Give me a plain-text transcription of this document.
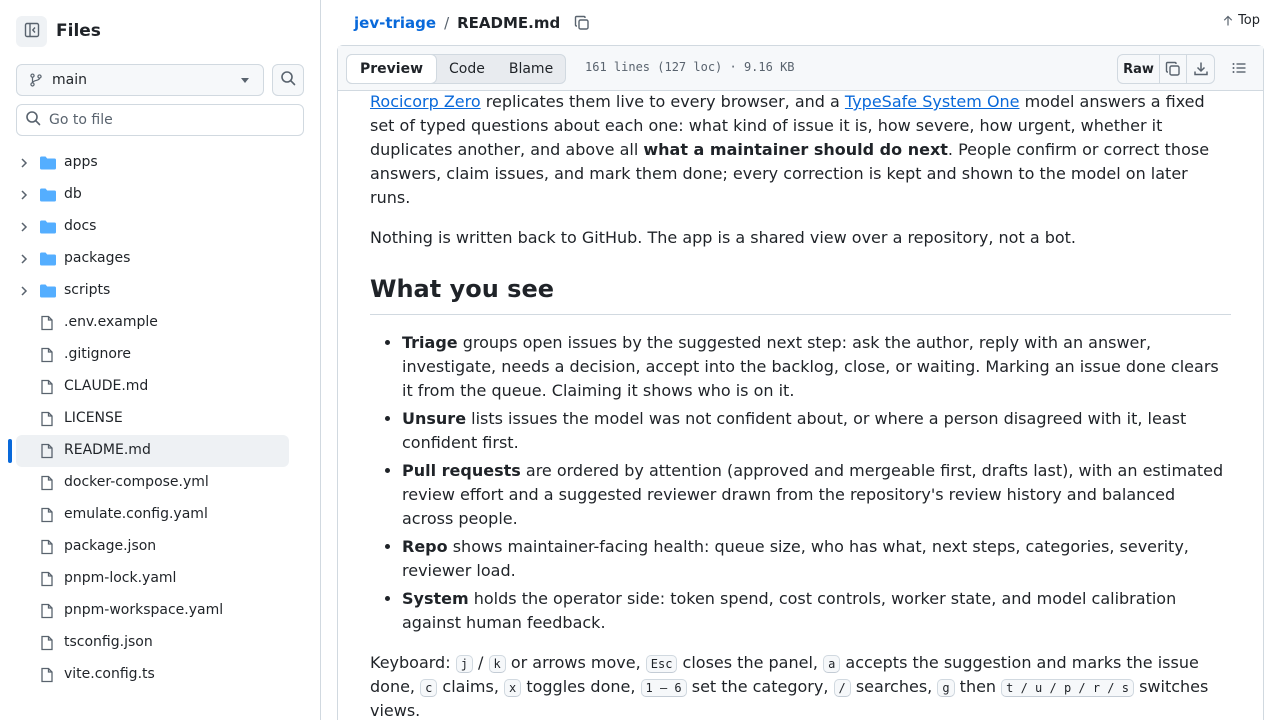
Files
main
Go to file
apps
db
docs
packages
scripts
.env.example
.gitignore
CLAUDE.md
LICENSE
README.md
docker-compose.yml
emulate.config.yaml
package.json
pnpm-lock.yaml
pnpm-workspace.yaml
tsconfig.json
vite.config.ts
jev-triage / README.md	Top
Preview	Code	Blame	161 lines (127 loc) · 9.16 KB	Raw

Rocicorp Zero replicates them live to every browser, and a TypeSafe System One model answers a fixed set of typed questions about each one: what kind of issue it is, how severe, how urgent, whether it duplicates another, and above all what a maintainer should do next. People confirm or correct those answers, claim issues, and mark them done; every correction is kept and shown to the model on later runs.

Nothing is written back to GitHub. The app is a shared view over a repository, not a bot.

What you see
• Triage groups open issues by the suggested next step: ask the author, reply with an answer, investigate, needs a decision, accept into the backlog, close, or waiting. Marking an issue done clears it from the queue. Claiming it shows who is on it.
• Unsure lists issues the model was not confident about, or where a person disagreed with it, least confident first.
• Pull requests are ordered by attention (approved and mergeable first, drafts last), with an estimated review effort and a suggested reviewer drawn from the repository's review history and balanced across people.
• Repo shows maintainer-facing health: queue size, who has what, next steps, categories, severity, reviewer load.
• System holds the operator side: token spend, cost controls, worker state, and model calibration against human feedback.

Keyboard: j / k or arrows move, Esc closes the panel, a accepts the suggestion and marks the issue done, c claims, x toggles done, 1 – 6 set the category, / searches, g then t / u / p / r / s switches views.
